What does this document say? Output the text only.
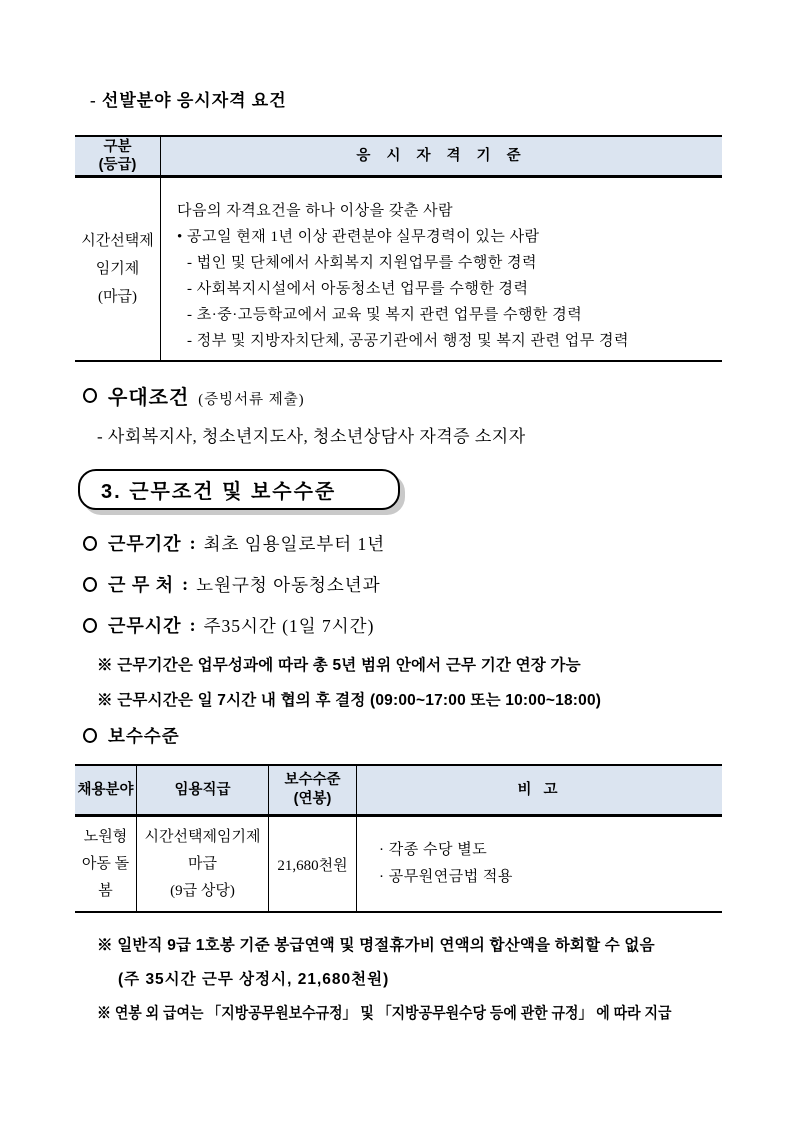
- 선발분야 응시자격 요건
구분
(등급)
응 시 자 격 기 준
시간선택제
임기제
(마급)
다음의 자격요건을 하나 이상을 갖춘 사람
• 공고일 현재 1년 이상 관련분야 실무경력이 있는 사람
- 법인 및 단체에서 사회복지 지원업무를 수행한 경력
- 사회복지시설에서 아동청소년 업무를 수행한 경력
- 초·중·고등학교에서 교육 및 복지 관련 업무를 수행한 경력
- 정부 및 지방자치단체, 공공기관에서 행정 및 복지 관련 업무 경력
우대조건 (증빙서류 제출)
- 사회복지사, 청소년지도사, 청소년상담사 자격증 소지자
3. 근무조건 및 보수수준
근무기간 : 최초 임용일로부터 1년
근 무 처 : 노원구청 아동청소년과
근무시간 : 주35시간 (1일 7시간)
※ 근무기간은 업무성과에 따라 총 5년 범위 안에서 근무 기간 연장 가능
※ 근무시간은 일 7시간 내 협의 후 결정 (09:00~17:00 또는 10:00~18:00)
보수수준
채용분야	임용직급
보수수준
(연봉)
비 고
노원형
아동 돌봄
시간선택제임기제 마급
(9급 상당)
21,680천원
· 각종 수당 별도
· 공무원연금법 적용
※ 일반직 9급 1호봉 기준 봉급연액 및 명절휴가비 연액의 합산액을 하회할 수 없음
(주 35시간 근무 상정시, 21,680천원)
※ 연봉 외 급여는 「지방공무원보수규정」 및 「지방공무원수당 등에 관한 규정」 에 따라 지급
